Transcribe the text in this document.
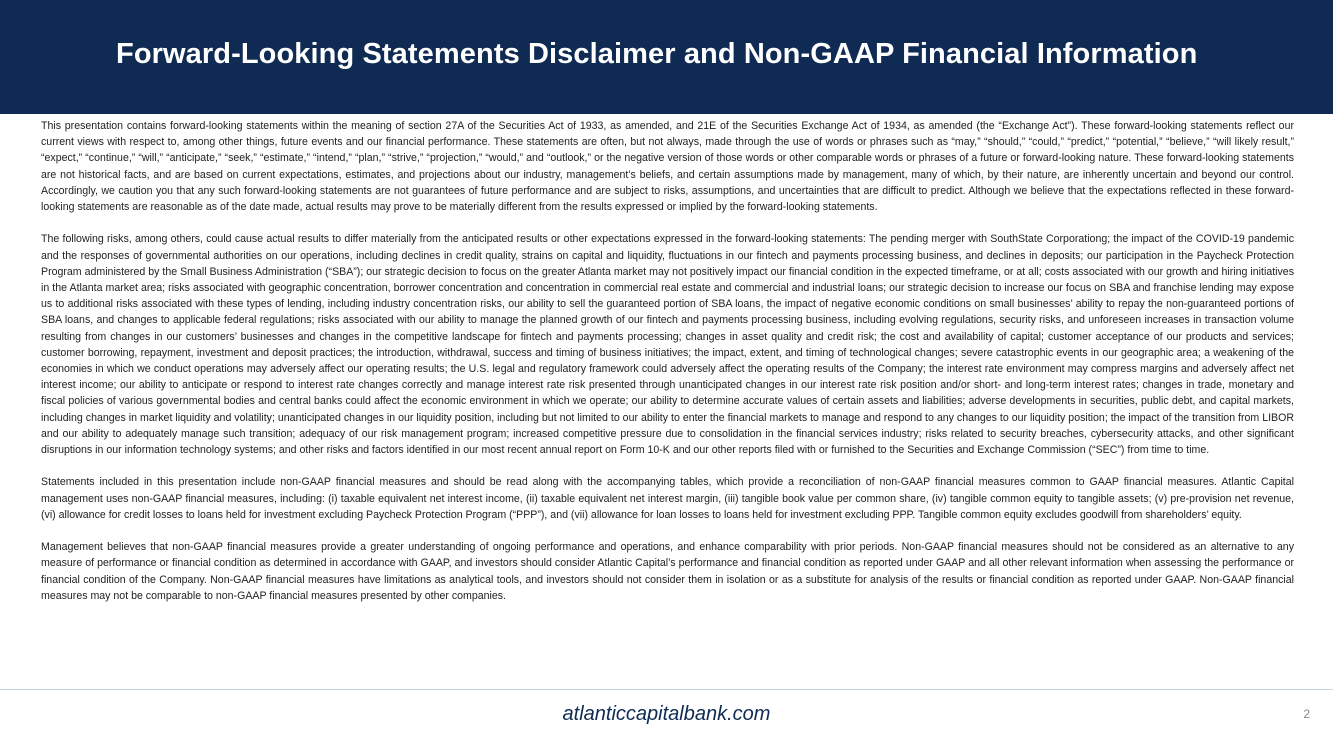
Forward-Looking Statements Disclaimer and Non-GAAP Financial Information

This presentation contains forward-looking statements within the meaning of section 27A of the Securities Act of 1933, as amended, and 21E of the Securities Exchange Act of 1934, as amended (the “Exchange Act”). These forward-looking statements reflect our current views with respect to, among other things, future events and our financial performance. These statements are often, but not always, made through the use of words or phrases such as “may,” “should,” “could,” “predict,” “potential,” “believe,” “will likely result,” “expect,” “continue,” “will,” “anticipate,” “seek,” “estimate,” “intend,” “plan,” “strive,” “projection,” “would,” and “outlook,” or the negative version of those words or other comparable words or phrases of a future or forward-looking nature. These forward-looking statements are not historical facts, and are based on current expectations, estimates, and projections about our industry, management’s beliefs, and certain assumptions made by management, many of which, by their nature, are inherently uncertain and beyond our control. Accordingly, we caution you that any such forward-looking statements are not guarantees of future performance and are subject to risks, assumptions, and uncertainties that are difficult to predict. Although we believe that the expectations reflected in these forward-looking statements are reasonable as of the date made, actual results may prove to be materially different from the results expressed or implied by the forward-looking statements.

The following risks, among others, could cause actual results to differ materially from the anticipated results or other expectations expressed in the forward-looking statements: The pending merger with SouthState Corporationg; the impact of the COVID-19 pandemic and the responses of governmental authorities on our operations, including declines in credit quality, strains on capital and liquidity, fluctuations in our fintech and payments processing business, and declines in deposits; our participation in the Paycheck Protection Program administered by the Small Business Administration (“SBA”); our strategic decision to focus on the greater Atlanta market may not positively impact our financial condition in the expected timeframe, or at all; costs associated with our growth and hiring initiatives in the Atlanta market area; risks associated with geographic concentration, borrower concentration and concentration in commercial real estate and commercial and industrial loans; our strategic decision to increase our focus on SBA and franchise lending may expose us to additional risks associated with these types of lending, including industry concentration risks, our ability to sell the guaranteed portion of SBA loans, the impact of negative economic conditions on small businesses’ ability to repay the non-guaranteed portions of SBA loans, and changes to applicable federal regulations; risks associated with our ability to manage the planned growth of our fintech and payments processing business, including evolving regulations, security risks, and unforeseen increases in transaction volume resulting from changes in our customers’ businesses and changes in the competitive landscape for fintech and payments processing; changes in asset quality and credit risk; the cost and availability of capital; customer acceptance of our products and services; customer borrowing, repayment, investment and deposit practices; the introduction, withdrawal, success and timing of business initiatives; the impact, extent, and timing of technological changes; severe catastrophic events in our geographic area; a weakening of the economies in which we conduct operations may adversely affect our operating results; the U.S. legal and regulatory framework could adversely affect the operating results of the Company; the interest rate environment may compress margins and adversely affect net interest income; our ability to anticipate or respond to interest rate changes correctly and manage interest rate risk presented through unanticipated changes in our interest rate risk position and/or short- and long-term interest rates; changes in trade, monetary and fiscal policies of various governmental bodies and central banks could affect the economic environment in which we operate; our ability to determine accurate values of certain assets and liabilities; adverse developments in securities, public debt, and capital markets, including changes in market liquidity and volatility; unanticipated changes in our liquidity position, including but not limited to our ability to enter the financial markets to manage and respond to any changes to our liquidity position; the impact of the transition from LIBOR and our ability to adequately manage such transition; adequacy of our risk management program; increased competitive pressure due to consolidation in the financial services industry; risks related to security breaches, cybersecurity attacks, and other significant disruptions in our information technology systems; and other risks and factors identified in our most recent annual report on Form 10-K and our other reports filed with or furnished to the Securities and Exchange Commission (“SEC”) from time to time.

Statements included in this presentation include non-GAAP financial measures and should be read along with the accompanying tables, which provide a reconciliation of non-GAAP financial measures common to GAAP financial measures. Atlantic Capital management uses non-GAAP financial measures, including: (i) taxable equivalent net interest income, (ii) taxable equivalent net interest margin, (iii) tangible book value per common share, (iv) tangible common equity to tangible assets; (v) pre-provision net revenue, (vi) allowance for credit losses to loans held for investment excluding Paycheck Protection Program (“PPP”), and (vii) allowance for loan losses to loans held for investment excluding PPP. Tangible common equity excludes goodwill from shareholders’ equity.

Management believes that non-GAAP financial measures provide a greater understanding of ongoing performance and operations, and enhance comparability with prior periods. Non-GAAP financial measures should not be considered as an alternative to any measure of performance or financial condition as determined in accordance with GAAP, and investors should consider Atlantic Capital’s performance and financial condition as reported under GAAP and all other relevant information when assessing the performance or financial condition of the Company. Non-GAAP financial measures have limitations as analytical tools, and investors should not consider them in isolation or as a substitute for analysis of the results or financial condition as reported under GAAP. Non-GAAP financial measures may not be comparable to non-GAAP financial measures presented by other companies.

atlanticcapitalbank.com	2
